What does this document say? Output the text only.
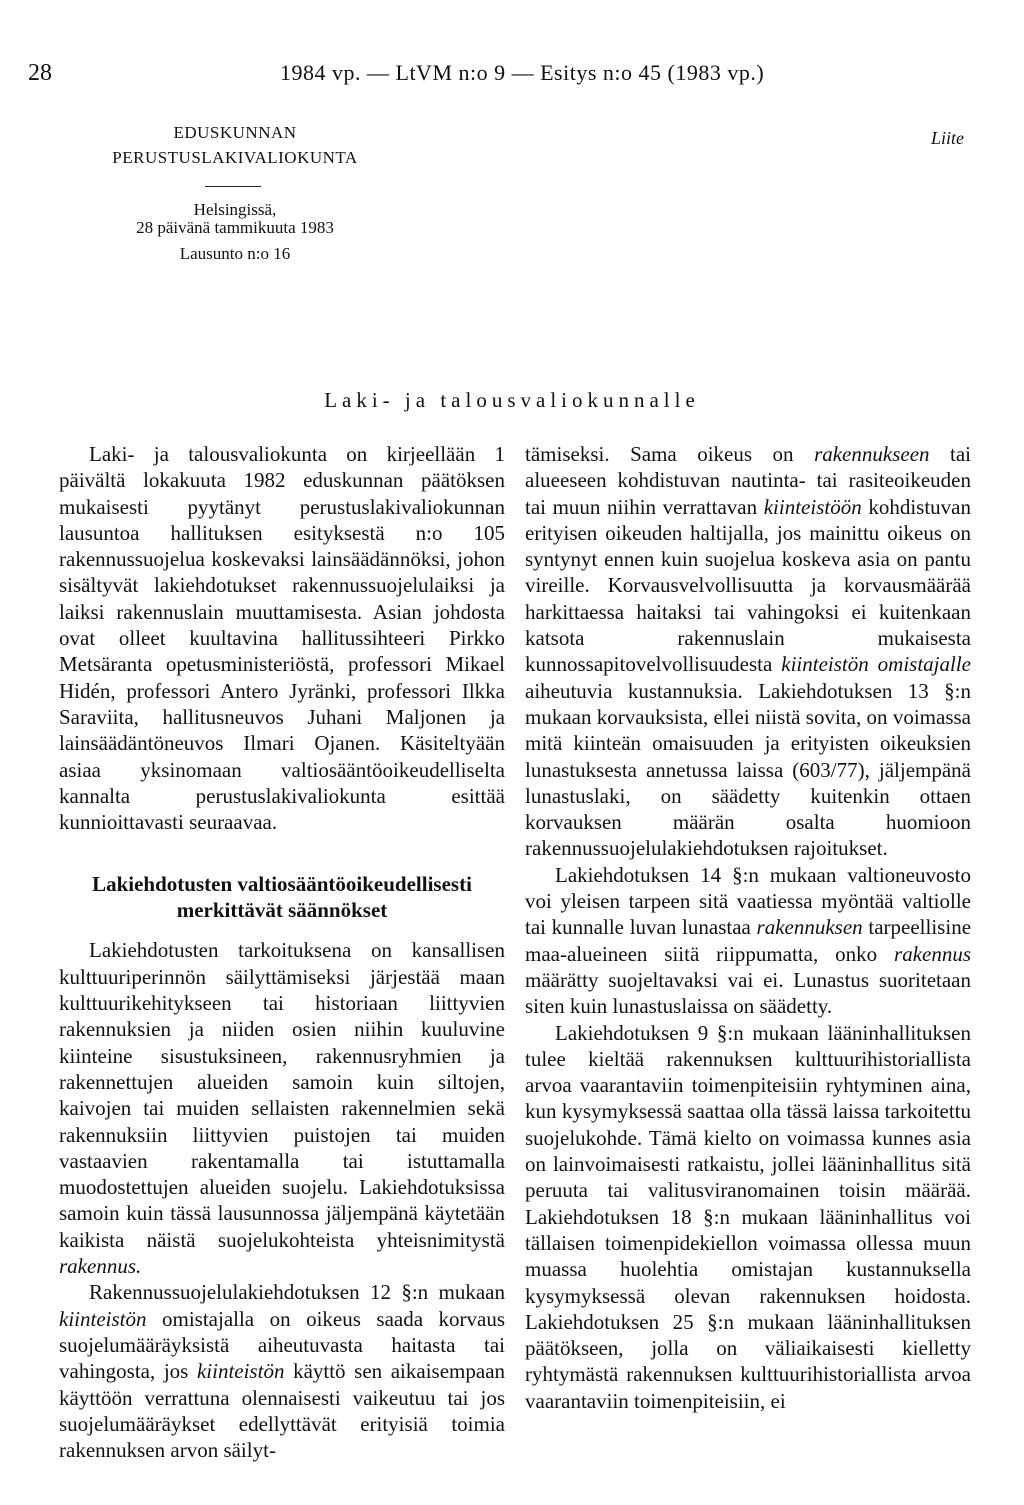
28	1984 vp. — LtVM n:o 9 — Esitys n:o 45 (1983 vp.)
EDUSKUNNAN
PERUSTUSLAKIVALIOKUNTA
Liite
Helsingissä,
28 päivänä tammikuuta 1983
Lausunto n:o 16
Laki- ja talousvaliokunnalle

Laki- ja talousvaliokunta on kirjeellään 1 päivältä lokakuuta 1982 eduskunnan päätöksen mukaisesti pyytänyt perustuslakivaliokunnan lausuntoa hallituksen esityksestä n:o 105 rakennussuojelua koskevaksi lainsäädännöksi, johon sisältyvät lakiehdotukset rakennussuojelulaiksi ja laiksi rakennuslain muuttamisesta. Asian johdosta ovat olleet kuultavina hallitussihteeri Pirkko Metsäranta opetusministeriöstä, professori Mikael Hidén, professori Antero Jyränki, professori Ilkka Saraviita, hallitusneuvos Juhani Maljonen ja lainsäädäntöneuvos Ilmari Ojanen. Käsiteltyään asiaa yksinomaan valtiosääntöoikeudelliselta kannalta perustuslakivaliokunta esittää kunnioittavasti seuraavaa.

Lakiehdotusten valtiosääntöoikeudellisesti
merkittävät säännökset

Lakiehdotusten tarkoituksena on kansallisen kulttuuriperinnön säilyttämiseksi järjestää maan kulttuurikehitykseen tai historiaan liittyvien rakennuksien ja niiden osien niihin kuuluvine kiinteine sisustuksineen, rakennusryhmien ja rakennettujen alueiden samoin kuin siltojen, kaivojen tai muiden sellaisten rakennelmien sekä rakennuksiin liittyvien puistojen tai muiden vastaavien rakentamalla tai istuttamalla muodostettujen alueiden suojelu. Lakiehdotuksissa samoin kuin tässä lausunnossa jäljempänä käytetään kaikista näistä suojelukohteista yhteisnimitystä rakennus.

Rakennussuojelulakiehdotuksen 12 §:n mukaan kiinteistön omistajalla on oikeus saada korvaus suojelumääräyksistä aiheutuvasta haitasta tai vahingosta, jos kiinteistön käyttö sen aikaisempaan käyttöön verrattuna olennaisesti vaikeutuu tai jos suojelumääräykset edellyttävät erityisiä toimia rakennuksen arvon säilyt-

tämiseksi. Sama oikeus on rakennukseen tai alueeseen kohdistuvan nautinta- tai rasiteoikeuden tai muun niihin verrattavan kiinteistöön kohdistuvan erityisen oikeuden haltijalla, jos mainittu oikeus on syntynyt ennen kuin suojelua koskeva asia on pantu vireille. Korvausvelvollisuutta ja korvausmäärää harkittaessa haitaksi tai vahingoksi ei kuitenkaan katsota rakennuslain mukaisesta kunnossapitovelvollisuudesta kiinteistön omistajalle aiheutuvia kustannuksia. Lakiehdotuksen 13 §:n mukaan korvauksista, ellei niistä sovita, on voimassa mitä kiinteän omaisuuden ja erityisten oikeuksien lunastuksesta annetussa laissa (603/77), jäljempänä lunastuslaki, on säädetty kuitenkin ottaen korvauksen määrän osalta huomioon rakennussuojelulakiehdotuksen rajoitukset.

Lakiehdotuksen 14 §:n mukaan valtioneuvosto voi yleisen tarpeen sitä vaatiessa myöntää valtiolle tai kunnalle luvan lunastaa rakennuksen tarpeellisine maa-alueineen siitä riippumatta, onko rakennus määrätty suojeltavaksi vai ei. Lunastus suoritetaan siten kuin lunastuslaissa on säädetty.

Lakiehdotuksen 9 §:n mukaan lääninhallituksen tulee kieltää rakennuksen kulttuurihistoriallista arvoa vaarantaviin toimenpiteisiin ryhtyminen aina, kun kysymyksessä saattaa olla tässä laissa tarkoitettu suojelukohde. Tämä kielto on voimassa kunnes asia on lainvoimaisesti ratkaistu, jollei lääninhallitus sitä peruuta tai valitusviranomainen toisin määrää. Lakiehdotuksen 18 §:n mukaan lääninhallitus voi tällaisen toimenpidekiellon voimassa ollessa muun muassa huolehtia omistajan kustannuksella kysymyksessä olevan rakennuksen hoidosta. Lakiehdotuksen 25 §:n mukaan lääninhallituksen päätökseen, jolla on väliaikaisesti kielletty ryhtymästä rakennuksen kulttuurihistoriallista arvoa vaarantaviin toimenpiteisiin, ei
